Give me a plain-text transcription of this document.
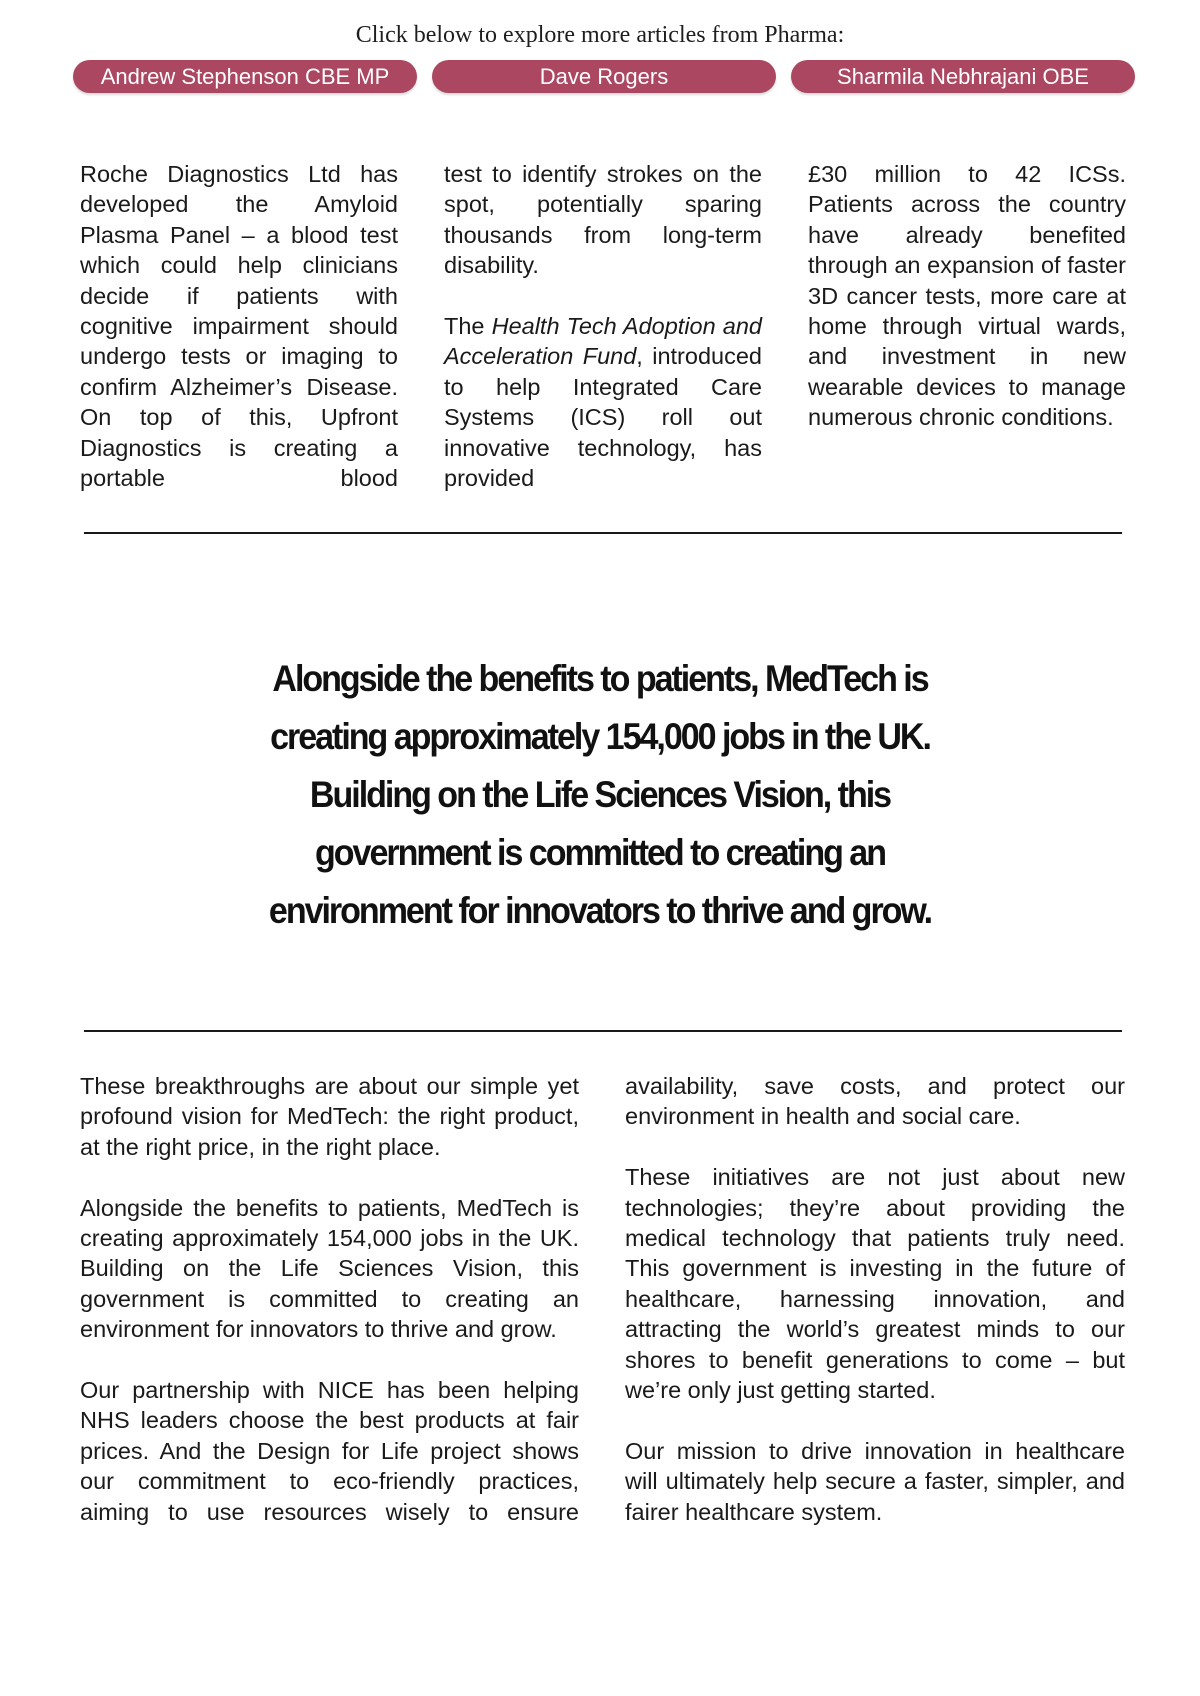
Click below to explore more articles from Pharma:
Andrew Stephenson CBE MP	Dave Rogers	Sharmila Nebhrajani OBE

Roche Diagnostics Ltd has developed the Amyloid Plasma Panel – a blood test which could help clinicians decide if patients with cognitive impairment should undergo tests or imaging to confirm Alzheimer’s Disease. On top of this, Upfront Diagnostics is creating a portable blood

test to identify strokes on the spot, potentially sparing thousands from long-term disability.

The Health Tech Adoption and Acceleration Fund, introduced to help Integrated Care Systems (ICS) roll out innovative technology, has provided

£30 million to 42 ICSs. Patients across the country have already benefited through an expansion of faster 3D cancer tests, more care at home through virtual wards, and investment in new wearable devices to manage numerous chronic conditions.

Alongside the benefits to patients, MedTech is creating approximately 154,000 jobs in the UK. Building on the Life Sciences Vision, this government is committed to creating an environment for innovators to thrive and grow.

These breakthroughs are about our simple yet profound vision for MedTech: the right product, at the right price, in the right place.

Alongside the benefits to patients, MedTech is creating approximately 154,000 jobs in the UK. Building on the Life Sciences Vision, this government is committed to creating an environment for innovators to thrive and grow.

Our partnership with NICE has been helping NHS leaders choose the best products at fair prices. And the Design for Life project shows our commitment to eco-friendly practices, aiming to use resources wisely to ensure

availability, save costs, and protect our environment in health and social care.

These initiatives are not just about new technologies; they’re about providing the medical technology that patients truly need. This government is investing in the future of healthcare, harnessing innovation, and attracting the world’s greatest minds to our shores to benefit generations to come – but we’re only just getting started.

Our mission to drive innovation in healthcare will ultimately help secure a faster, simpler, and fairer healthcare system.
